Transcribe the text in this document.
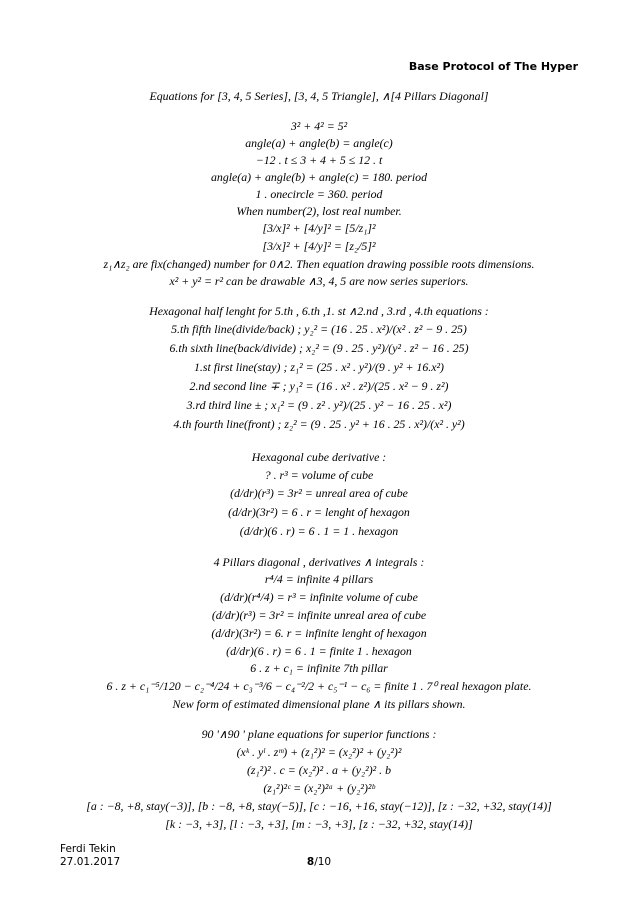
Base Protocol of The Hyper
Equations for [3, 4, 5 Series], [3, 4, 5 Triangle], ∧[4 Pillars Diagonal]
3² + 4² = 5²
angle(a) + angle(b) = angle(c)
−12 . t ≤ 3 + 4 + 5 ≤ 12 . t
angle(a) + angle(b) + angle(c) = 180. period
1 . onecircle = 360. period
When number(2), lost real number.
[3/x]² + [4/y]² = [5/z₁]²
[3/x]² + [4/y]² = [z₂/5]²
z₁∧z₂ are fix(changed) number for 0∧2. Then equation drawing possible roots dimensions.
x² + y² = r² can be drawable ∧3, 4, 5 are now series superiors.
Hexagonal half lenght for 5.th , 6.th ,1. st ∧2.nd , 3.rd , 4.th equations :
5.th fifth line(divide/back) ; y₂² = (16 . 25 . x²)/(x² . z² − 9 . 25)
6.th sixth line(back/divide) ; x₂² = (9 . 25 . y²)/(y² . z² − 16 . 25)
1.st first line(stay) ; z₁² = (25 . x² . y²)/(9 . y² + 16.x²)
2.nd second line ∓ ; y₁² = (16 . x² . z²)/(25 . x² − 9 . z²)
3.rd third line ± ; x₁² = (9 . z² . y²)/(25 . y² − 16 . 25 . x²)
4.th fourth line(front) ; z₂² = (9 . 25 . y² + 16 . 25 . x²)/(x² . y²)
Hexagonal cube derivative :
? . r³ = volume of cube
(d/dr)(r³) = 3r² = unreal area of cube
(d/dr)(3r²) = 6 . r = lenght of hexagon
(d/dr)(6 . r) = 6 . 1 = 1 . hexagon
4 Pillars diagonal , derivatives ∧ integrals :
r⁴/4 = infinite 4 pillars
(d/dr)(r⁴/4) = r³ = infinite volume of cube
(d/dr)(r³) = 3r² = infinite unreal area of cube
(d/dr)(3r²) = 6. r = infinite lenght of hexagon
(d/dr)(6 . r) = 6 . 1 = finite 1 . hexagon
6 . z + c₁ = infinite 7th pillar
6 . z + c₁⁻⁵/120 − c₂⁻⁴/24 + c₃⁻³/6 − c₄⁻²/2 + c₅⁻¹ − c₆ = finite 1 . 7⁰ real hexagon plate.
New form of estimated dimensional plane ∧ its pillars shown.
90 '∧90 ' plane equations for superior functions :
(xᵏ . yˡ . zᵐ) + (z₁²)² = (x₂²)² + (y₂²)²
(z₁²)² . c = (x₂²)² . a + (y₂²)² . b
(z₁²)²ᶜ = (x₂²)²ᵃ + (y₂²)²ᵇ
[a : −8, +8, stay(−3)], [b : −8, +8, stay(−5)], [c : −16, +16, stay(−12)], [z : −32, +32, stay(14)]
[k : −3, +3], [l : −3, +3], [m : −3, +3], [z : −32, +32, stay(14)]
Ferdi Tekin
27.01.2017	8/10
